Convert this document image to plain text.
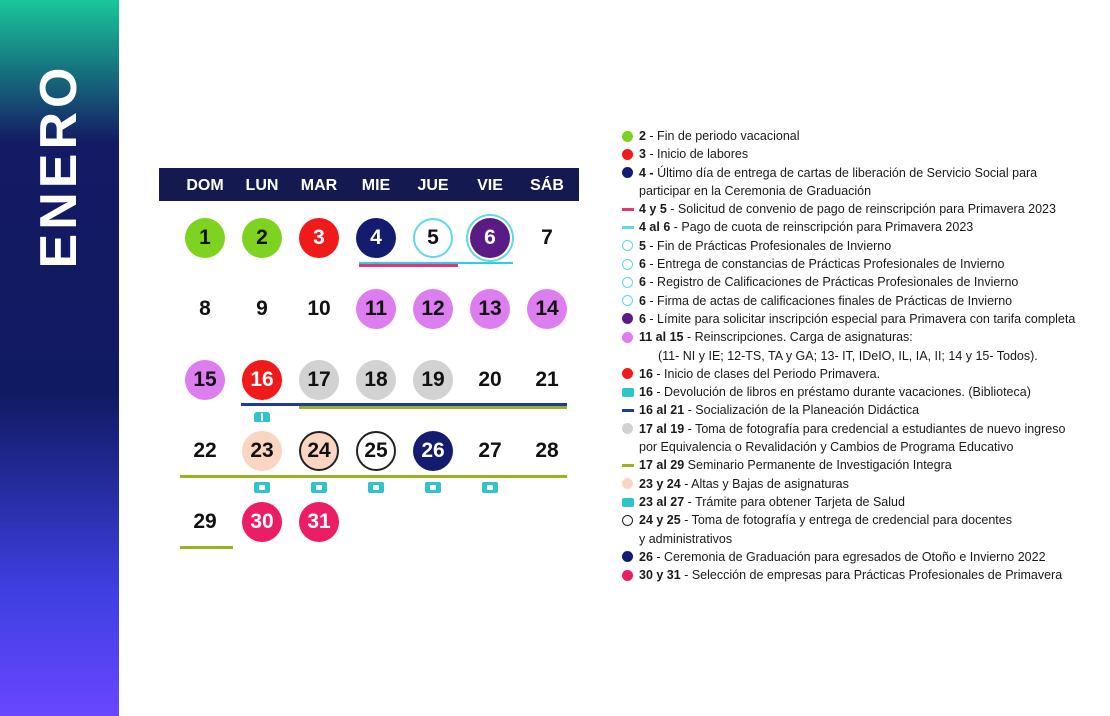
ENERO	DOM	LUN	MAR	MIE	JUE	VIE	SÁB
1	2	3	4	5	6	7
8	9	10	11	12	13	14
15	16	17	18	19	20	21
22	23	24	25	26	27	28
29	30	31
2 - Fin de periodo vacacional
3 - Inicio de labores
4 - Último día de entrega de cartas de liberación de Servicio Social para
participar en la Ceremonia de Graduación
4 y 5 - Solicitud de convenio de pago de reinscripción para Primavera 2023
4 al 6 - Pago de cuota de reinscripción para Primavera 2023
5 - Fin de Prácticas Profesionales de Invierno
6 - Entrega de constancias de Prácticas Profesionales de Invierno
6 - Registro de Calificaciones de Prácticas Profesionales de Invierno
6 - Firma de actas de calificaciones finales de Prácticas de Invierno
6 - Límite para solicitar inscripción especial para Primavera con tarifa completa
11 al 15 - Reinscripciones. Carga de asignaturas:
(11- NI y IE; 12-TS, TA y GA; 13- IT, IDeIO, IL, IA, II; 14 y 15- Todos).
16 - Inicio de clases del Periodo Primavera.
16 - Devolución de libros en préstamo durante vacaciones. (Biblioteca)
16 al 21 - Socialización de la Planeación Didáctica
17 al 19 - Toma de fotografía para credencial a estudiantes de nuevo ingreso
por Equivalencia o Revalidación y Cambios de Programa Educativo
17 al 29 Seminario Permanente de Investigación Integra
23 y 24 - Altas y Bajas de asignaturas
23 al 27 - Trámite para obtener Tarjeta de Salud
24 y 25 - Toma de fotografía y entrega de credencial para docentes
y administrativos
26 - Ceremonia de Graduación para egresados de Otoño e Invierno 2022
30 y 31 - Selección de empresas para Prácticas Profesionales de Primavera
